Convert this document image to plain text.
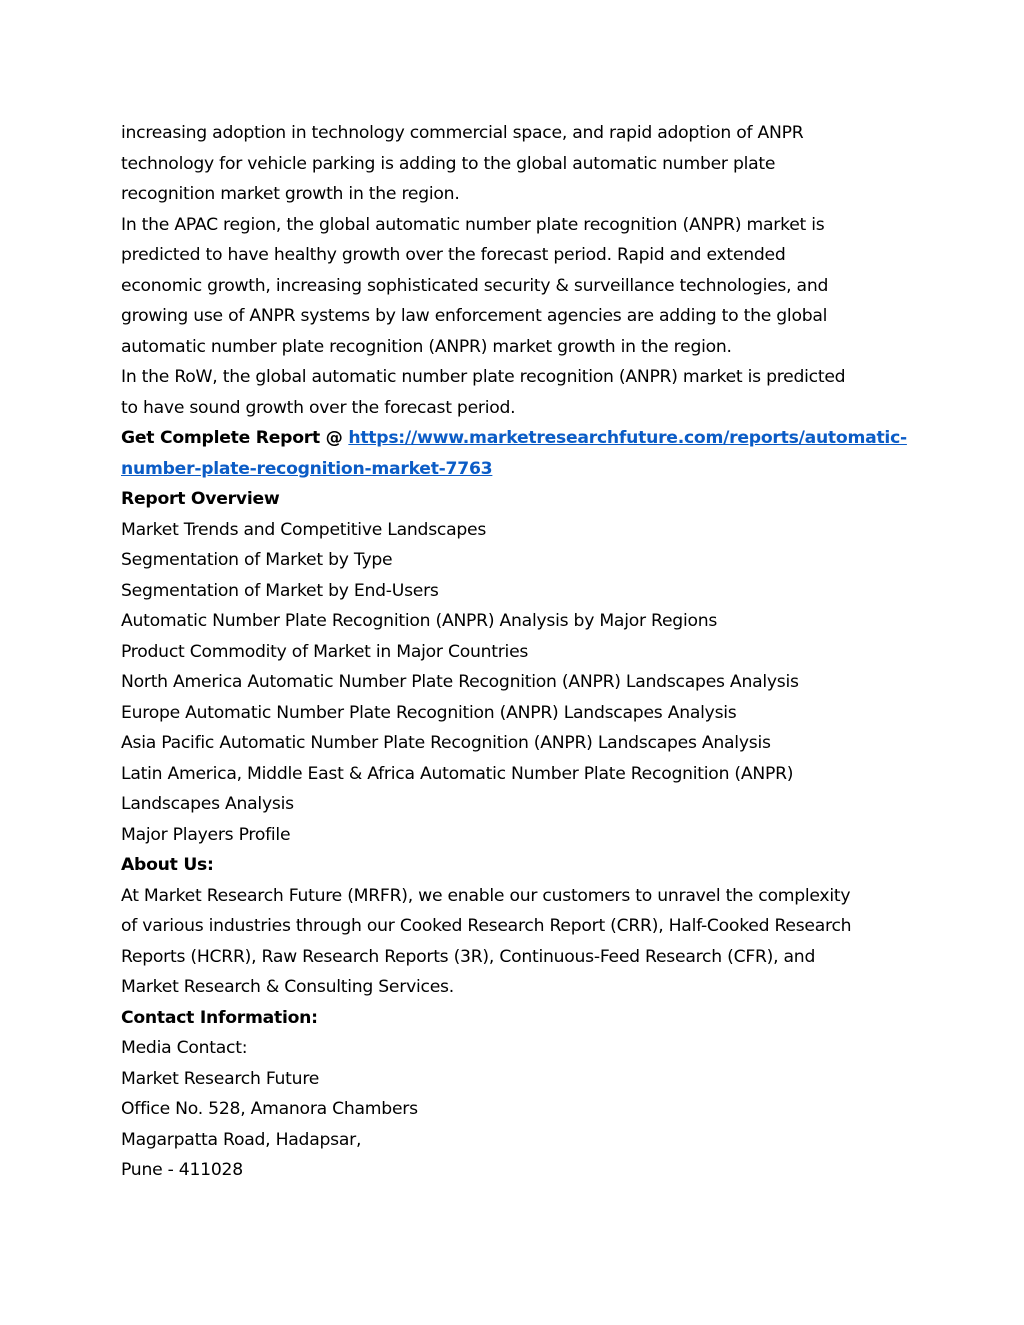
increasing adoption in technology commercial space, and rapid adoption of ANPR
technology for vehicle parking is adding to the global automatic number plate
recognition market growth in the region.
In the APAC region, the global automatic number plate recognition (ANPR) market is
predicted to have healthy growth over the forecast period. Rapid and extended
economic growth, increasing sophisticated security & surveillance technologies, and
growing use of ANPR systems by law enforcement agencies are adding to the global
automatic number plate recognition (ANPR) market growth in the region.
In the RoW, the global automatic number plate recognition (ANPR) market is predicted
to have sound growth over the forecast period.
Get Complete Report @ https://www.marketresearchfuture.com/reports/automatic-
number-plate-recognition-market-7763
Report Overview
Market Trends and Competitive Landscapes
Segmentation of Market by Type
Segmentation of Market by End-Users
Automatic Number Plate Recognition (ANPR) Analysis by Major Regions
Product Commodity of Market in Major Countries
North America Automatic Number Plate Recognition (ANPR) Landscapes Analysis
Europe Automatic Number Plate Recognition (ANPR) Landscapes Analysis
Asia Pacific Automatic Number Plate Recognition (ANPR) Landscapes Analysis
Latin America, Middle East & Africa Automatic Number Plate Recognition (ANPR)
Landscapes Analysis
Major Players Profile
About Us:
At Market Research Future (MRFR), we enable our customers to unravel the complexity
of various industries through our Cooked Research Report (CRR), Half-Cooked Research
Reports (HCRR), Raw Research Reports (3R), Continuous-Feed Research (CFR), and
Market Research & Consulting Services.
Contact Information:
Media Contact:
Market Research Future
Office No. 528, Amanora Chambers
Magarpatta Road, Hadapsar,
Pune - 411028
